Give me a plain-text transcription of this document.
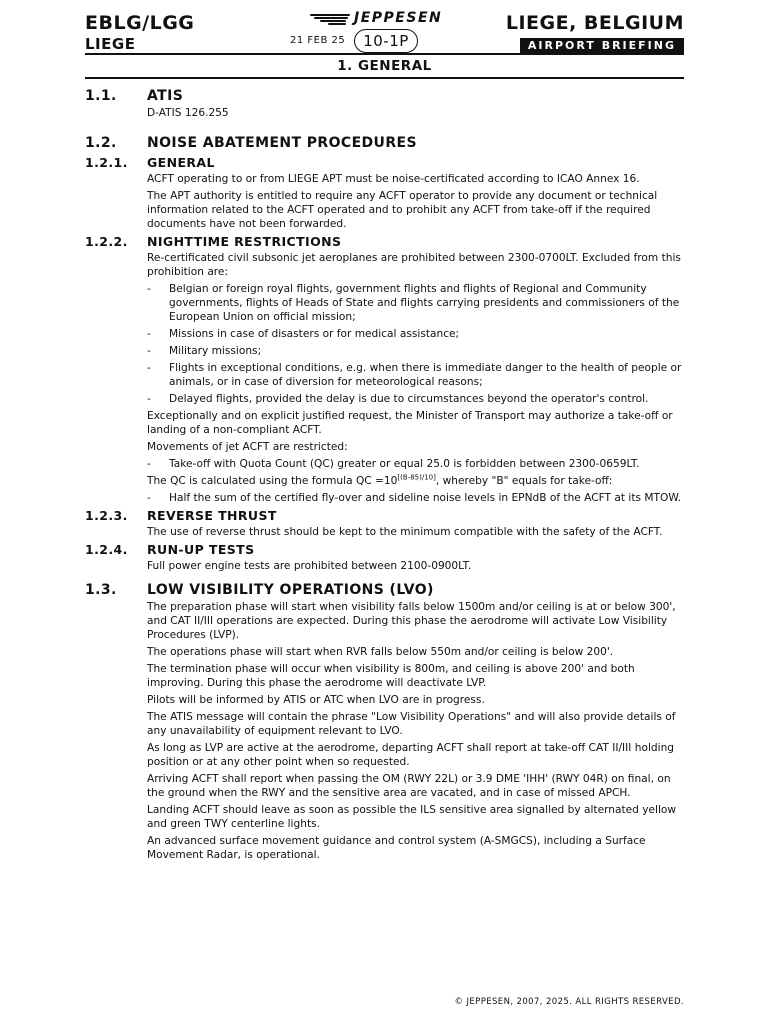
EBLG/LGG
LIEGE
JEPPESEN
21 FEB 25	10-1P
LIEGE, BELGIUM
AIRPORT BRIEFING
1. GENERAL
1.1. ATIS

D-ATIS 126.255

1.2. NOISE ABATEMENT PROCEDURES
1.2.1. GENERAL

ACFT operating to or from LIEGE APT must be noise-certificated according to ICAO Annex 16.

The APT authority is entitled to require any ACFT operator to provide any document or technical information related to the ACFT operated and to prohibit any ACFT from take-off if the required documents have not been forwarded.

1.2.2. NIGHTTIME RESTRICTIONS

Re-certificated civil subsonic jet aeroplanes are prohibited between 2300-0700LT. Excluded from this prohibition are:

-	Belgian or foreign royal flights, government flights and flights of Regional and Community governments, flights of Heads of State and flights carrying presidents and commissioners of the European Union on official mission;
-	Missions in case of disasters or for medical assistance;
-	Military missions;
-	Flights in exceptional conditions, e.g. when there is immediate danger to the health of people or animals, or in case of diversion for meteorological reasons;
-	Delayed flights, provided the delay is due to circumstances beyond the operator's control.

Exceptionally and on explicit justified request, the Minister of Transport may authorize a take-off or landing of a non-compliant ACFT.

Movements of jet ACFT are restricted:

-	Take-off with Quota Count (QC) greater or equal 25.0 is forbidden between 2300-0659LT.

The QC is calculated using the formula QC =10[(B-85)/10], whereby "B" equals for take-off:

-	Half the sum of the certified fly-over and sideline noise levels in EPNdB of the ACFT at its MTOW.
1.2.3. REVERSE THRUST

The use of reverse thrust should be kept to the minimum compatible with the safety of the ACFT.

1.2.4. RUN-UP TESTS

Full power engine tests are prohibited between 2100-0900LT.

1.3. LOW VISIBILITY OPERATIONS (LVO)

The preparation phase will start when visibility falls below 1500m and/or ceiling is at or below 300', and CAT II/III operations are expected. During this phase the aerodrome will activate Low Visibility Procedures (LVP).

The operations phase will start when RVR falls below 550m and/or ceiling is below 200'.

The termination phase will occur when visibility is 800m, and ceiling is above 200' and both improving. During this phase the aerodrome will deactivate LVP.

Pilots will be informed by ATIS or ATC when LVO are in progress.

The ATIS message will contain the phrase "Low Visibility Operations" and will also provide details of any unavailability of equipment relevant to LVO.

As long as LVP are active at the aerodrome, departing ACFT shall report at take-off CAT II/III holding position or at any other point when so requested.

Arriving ACFT shall report when passing the OM (RWY 22L) or 3.9 DME 'IHH' (RWY 04R) on final, on the ground when the RWY and the sensitive area are vacated, and in case of missed APCH.

Landing ACFT should leave as soon as possible the ILS sensitive area signalled by alternated yellow and green TWY centerline lights.

An advanced surface movement guidance and control system (A-SMGCS), including a Surface Movement Radar, is operational.

© JEPPESEN, 2007, 2025. ALL RIGHTS RESERVED.
